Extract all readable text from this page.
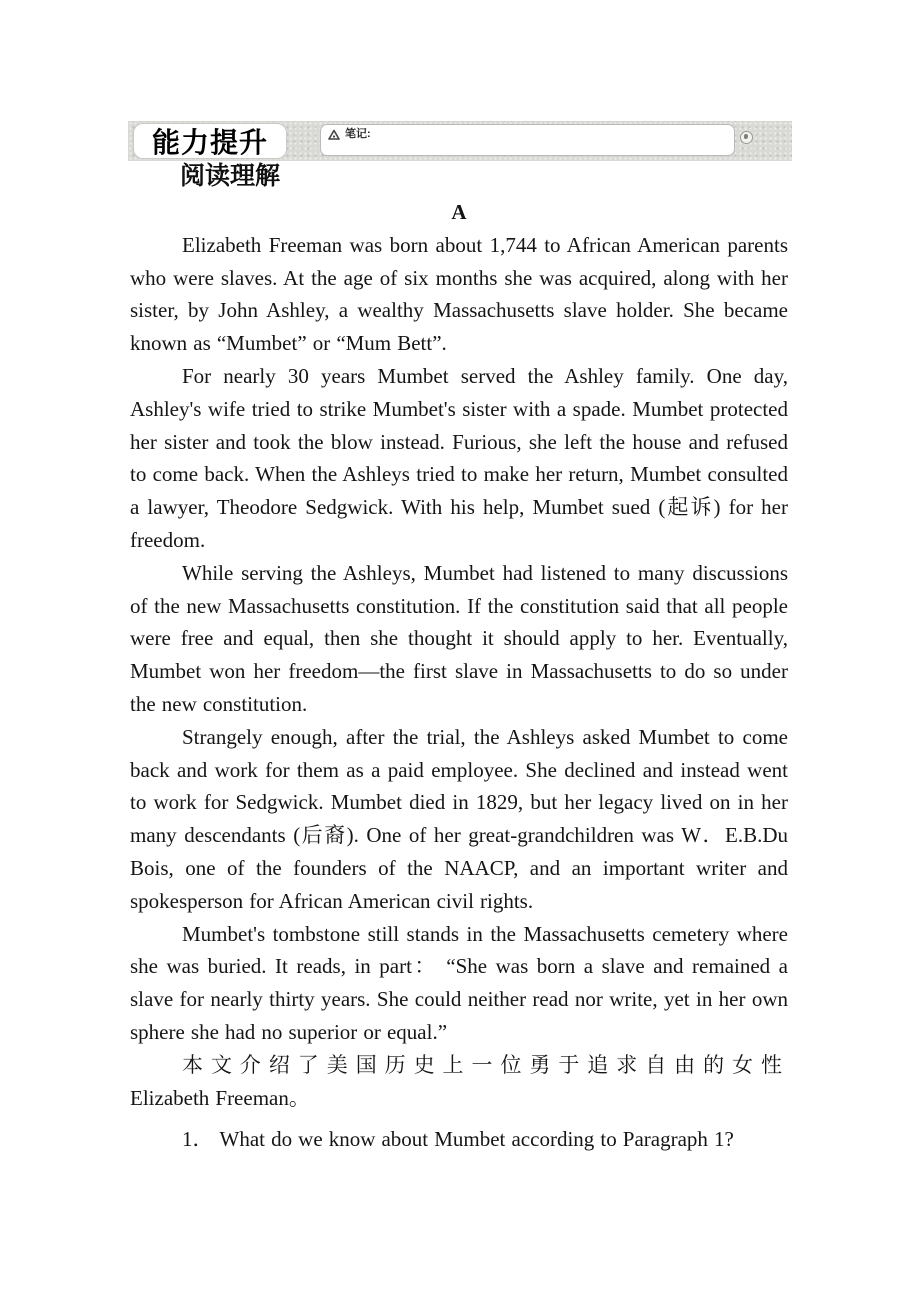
能力提升	笔记:
阅读理解

A

Elizabeth Freeman was born about 1,744 to African American parents who were slaves. At the age of six months she was acquired, along with her sister, by John Ashley, a wealthy Massachusetts slave holder. She became known as “Mumbet” or “Mum Bett”.

For nearly 30 years Mumbet served the Ashley family. One day, Ashley's wife tried to strike Mumbet's sister with a spade. Mumbet protected her sister and took the blow instead. Furious, she left the house and refused to come back. When the Ashleys tried to make her return, Mumbet consulted a lawyer, Theodore Sedgwick. With his help, Mumbet sued (起诉) for her freedom.

While serving the Ashleys, Mumbet had listened to many discussions of the new Massachusetts constitution. If the constitution said that all people were free and equal, then she thought it should apply to her. Eventually, Mumbet won her freedom—the first slave in Massachusetts to do so under the new constitution.

Strangely enough, after the trial, the Ashleys asked Mumbet to come back and work for them as a paid employee. She declined and instead went to work for Sedgwick. Mumbet died in 1829, but her legacy lived on in her many descendants (后裔). One of her great-grandchildren was W．E.B.Du Bois, one of the founders of the NAACP, and an important writer and spokesperson for African American civil rights.

Mumbet's tombstone still stands in the Massachusetts cemetery where she was buried. It reads, in part： “She was born a slave and remained a slave for nearly thirty years. She could neither read nor write, yet in her own sphere she had no superior or equal.”

本文介绍了美国历史上一位勇于追求自由的女性 Elizabeth Freeman。

1． What do we know about Mumbet according to Paragraph 1?
